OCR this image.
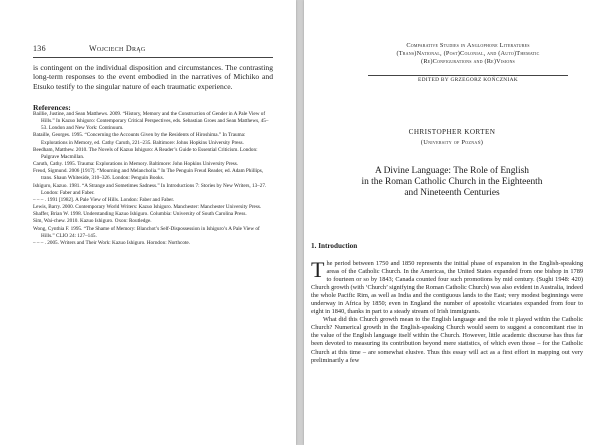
136	Wojciech Drąg

is contingent on the individual disposition and circumstances. The contrasting long-term responses to the event embodied in the narratives of Michiko and Etsuko testify to the singular nature of each traumatic experience.

References:
Baillie, Justine, and Sean Matthews. 2009. “History, Memory and the Construction of Gender in A Pale View of Hills.” In Kazuo Ishiguro: Contemporary Critical Perspectives, eds. Sebastian Groes and Sean Matthews, 45–53. London and New York: Continuum.
Bataille, Georges. 1995. “Concerning the Accounts Given by the Residents of Hiroshima.” In Trauma: Explorations in Memory, ed. Cathy Caruth, 221–235. Baltimore: Johns Hopkins University Press.
Beedham, Matthew. 2010. The Novels of Kazuo Ishiguro: A Reader’s Guide to Essential Criticism. London: Palgrave Macmillan.
Caruth, Cathy. 1995. Trauma: Explorations in Memory. Baltimore: John Hopkins University Press.
Freud, Sigmund. 2006 [1917]. “Mourning and Melancholia.” In The Penguin Freud Reader, ed. Adam Phillips, trans. Shaun Whiteside, 310–326. London: Penguin Books.
Ishiguro, Kazuo. 1981. “A Strange and Sometimes Sadness.” In Introductions 7: Stories by New Writers, 13–27. London: Faber and Faber.
– – – . 1991 [1982]. A Pale View of Hills. London: Faber and Faber.
Lewis, Barry. 2000. Contemporary World Writers: Kazuo Ishiguro. Manchester: Manchester University Press.
Shaffer, Brian W. 1998. Understanding Kazuo Ishiguro. Columbia: University of South Carolina Press.
Sim, Wai-chew. 2010. Kazuo Ishiguro. Oxon: Routledge.
Wong, Cynthia F. 1995. “The Shame of Memory: Blanchot’s Self-Dispossession in Ishiguro’s A Pale View of Hills.” CLIO 24: 127–145.
– – – . 2005. Writers and Their Work: Kazuo Ishiguro. Horndon: Northcote.
Comparative Studies in Anglophone Literatures
(Trans)National, (Post)Colonial, and (Auto)Thematic
(Re)Configurations and (Re)Visions
EDITED BY GRZEGORZ KOŃCZNIAK
CHRISTOPHER KORTEN
(University of Poznań)
A Divine Language: The Role of English
in the Roman Catholic Church in the Eighteenth
and Nineteenth Centuries
1. Introduction

The period between 1750 and 1850 represents the initial phase of expansion in the English-speaking areas of the Catholic Church. In the Americas, the United States expanded from one bishop in 1789 to fourteen or so by 1843; Canada counted four such promotions by mid century. (Sughi 1948: 420) Church growth (with ‘Church’ signifying the Roman Catholic Church) was also evident in Australia, indeed the whole Pacific Rim, as well as India and the contiguous lands to the East; very modest beginnings were underway in Africa by 1850; even in England the number of apostolic vicariates expanded from four to eight in 1840, thanks in part to a steady stream of Irish immigrants.

What did this Church growth mean to the English language and the role it played within the Catholic Church? Numerical growth in the English-speaking Church would seem to suggest a concomitant rise in the value of the English language itself within the Church. However, little academic discourse has thus far been devoted to measuring its contribution beyond mere statistics, of which even those – for the Catholic Church at this time – are somewhat elusive. Thus this essay will act as a first effort in mapping out very preliminarily a few
